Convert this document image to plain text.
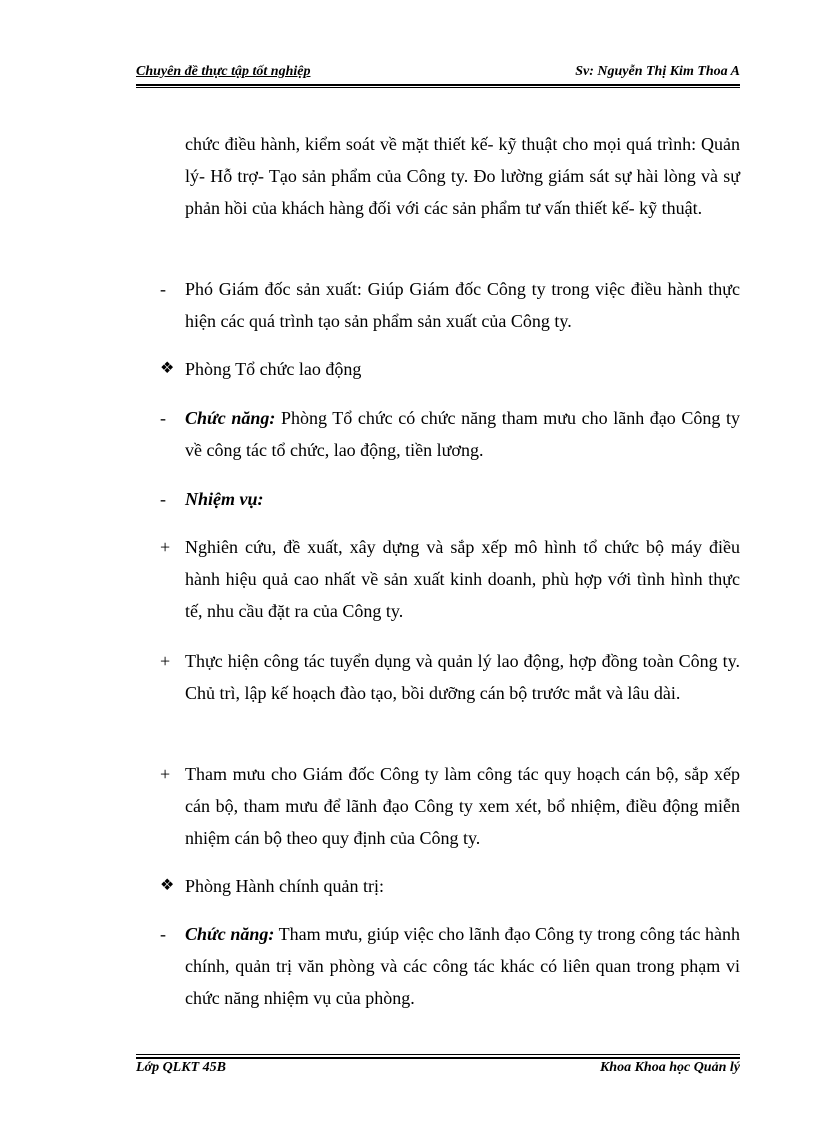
Chuyên đề thực tập tốt nghiệp	Sv: Nguyễn Thị Kim Thoa A
chức điều hành, kiểm soát về mặt thiết kế- kỹ thuật cho mọi quá trình: Quản lý- Hỗ trợ- Tạo sản phẩm của Công ty. Đo lường giám sát sự hài lòng và sự phản hồi của khách hàng đối với các sản phẩm tư vấn thiết kế- kỹ thuật.
-	Phó Giám đốc sản xuất: Giúp Giám đốc Công ty trong việc điều hành thực hiện các quá trình tạo sản phẩm sản xuất của Công ty.
❖ Phòng Tổ chức lao động
-	Chức năng: Phòng Tổ chức có chức năng tham mưu cho lãnh đạo Công ty về công tác tổ chức, lao động, tiền lương.
-	Nhiệm vụ:
+ Nghiên cứu, đề xuất, xây dựng và sắp xếp mô hình tổ chức bộ máy điều hành hiệu quả cao nhất về sản xuất kinh doanh, phù hợp với tình hình thực tế, nhu cầu đặt ra của Công ty.
+ Thực hiện công tác tuyển dụng và quản lý lao động, hợp đồng toàn Công ty. Chủ trì, lập kế hoạch đào tạo, bồi dưỡng cán bộ trước mắt và lâu dài.
+ Tham mưu cho Giám đốc Công ty làm công tác quy hoạch cán bộ, sắp xếp cán bộ, tham mưu để lãnh đạo Công ty xem xét, bổ nhiệm, điều động miễn nhiệm cán bộ theo quy định của Công ty.
❖ Phòng Hành chính quản trị:
-	Chức năng: Tham mưu, giúp việc cho lãnh đạo Công ty trong công tác hành chính, quản trị văn phòng và các công tác khác có liên quan trong phạm vi chức năng nhiệm vụ của phòng.
Lớp QLKT 45B	Khoa Khoa học Quản lý
